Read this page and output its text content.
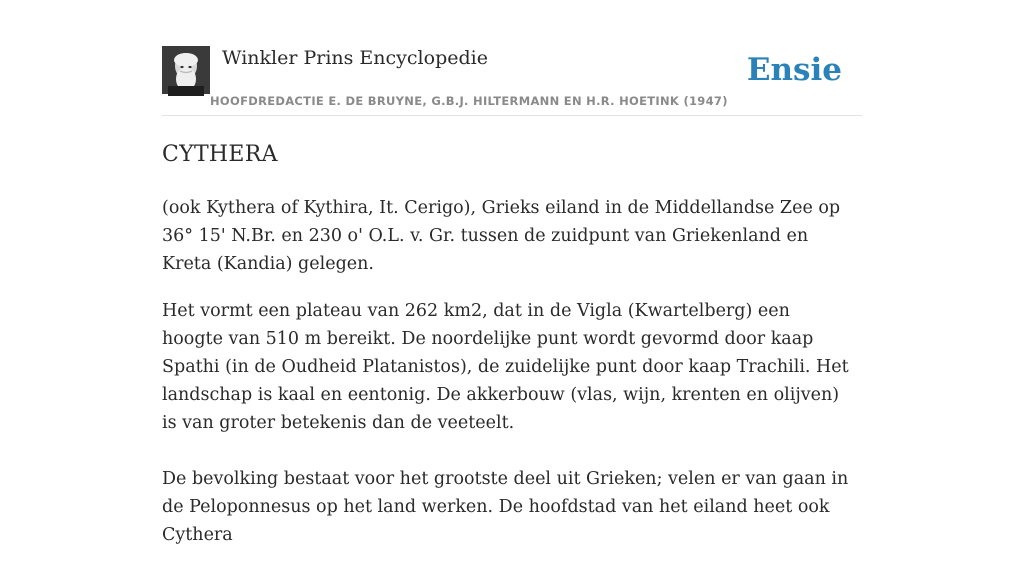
Winkler Prins Encyclopedie
HOOFDREDACTIE E. DE BRUYNE, G.B.J. HILTERMANN EN H.R. HOETINK (1947)
Ensie
CYTHERA

(ook Kythera of Kythira, It. Cerigo), Grieks eiland in de Middellandse Zee op 36° 15' N.Br. en 230 o' O.L. v. Gr. tussen de zuidpunt van Griekenland en Kreta (Kandia) gelegen.

Het vormt een plateau van 262 km2, dat in de Vigla (Kwartelberg) een hoogte van 510 m bereikt. De noordelijke punt wordt gevormd door kaap Spathi (in de Oudheid Platanistos), de zuidelijke punt door kaap Trachili. Het landschap is kaal en eentonig. De akkerbouw (vlas, wijn, krenten en olijven) is van groter betekenis dan de veeteelt.

De bevolking bestaat voor het grootste deel uit Grieken; velen er van gaan in de Peloponnesus op het land werken. De hoofdstad van het eiland heet ook Cythera
